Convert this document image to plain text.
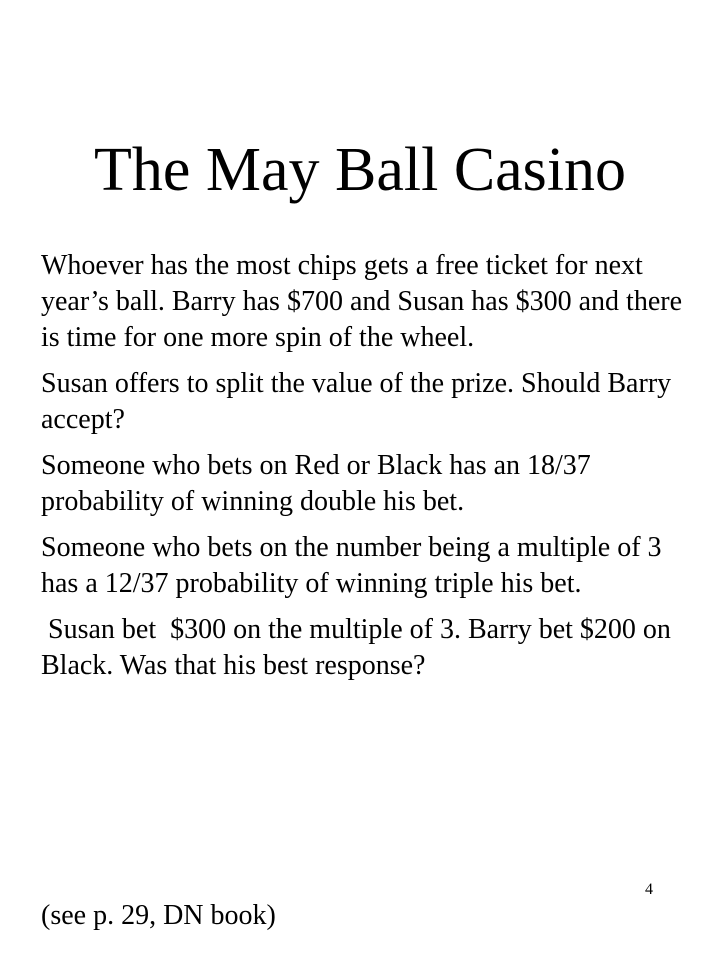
The May Ball Casino

Whoever has the most chips gets a free ticket for next year’s ball. Barry has $700 and Susan has $300 and there is time for one more spin of the wheel.

Susan offers to split the value of the prize. Should Barry accept?

Someone who bets on Red or Black has an 18/37 probability of winning double his bet.

Someone who bets on the number being a multiple of 3 has a 12/37 probability of winning triple his bet.

Susan bet  $300 on the multiple of 3. Barry bet $200 on Black. Was that his best response?

4
(see p. 29, DN book)
